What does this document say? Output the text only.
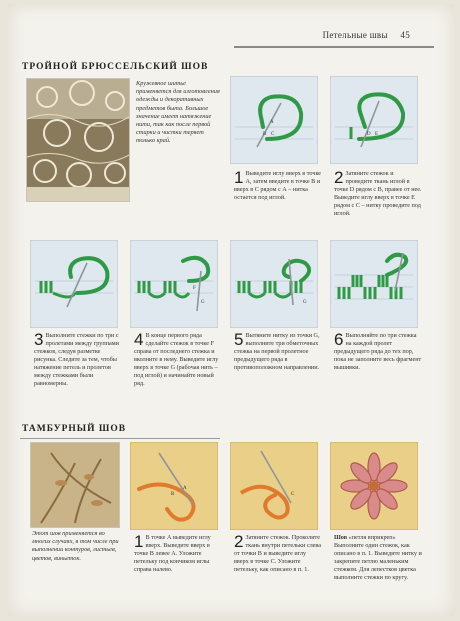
Петельные швы 45
ТРОЙНОЙ БРЮССЕЛЬСКИЙ ШОВ

Кружевное шитье применяется для изготовления одежды и декоративных предметов быта. Большое значение имеет натяжение нити, так как после первой стирки и чистки теряет только край.

B
A
C	D E
1 Выведите иглу вверх в точке А, затем введите в точке В и вверх в С рядом с А – нитка остается под иглой.
2 Затяните стежок и проведите ткань иглой в точке D рядом с В, правее от нее. Выведите иглу вверх в точке Е рядом с С – нитку проведите под иглой.
F
G	G
3 Выполните стежки по три с пролетами между группами стежков, следуя разметке рисунка. Следите за тем, чтобы натяжение петель и пролетов между стежками были равномерны.
4 В конце первого ряда сделайте стежок в точке F справа от последнего стежка и вколните в нему. Выведите иглу вверх в точке G (рабочая нить – под иглой) и начинайте новый ряд.
5 Вытяните нитку из точки G, выполните три обметочных стежка на первой пролетное предыдущего ряда в противоположном направлении.
6 Выполняйте по три стежка на каждой пролет предыдущего ряда до тех пор, пока не заполните весь фрагмент вышивки.
ТАМБУРНЫЙ ШОВ

Этот шов применяется во многих случаях, в том числе при выполнении контуров, листьев, цветов, виньеток.

A
B	C
1 В точке А выведите иглу вверх. Выведите вверх в точке В левее А. Уложите петельку под кончиком иглы справа налево.
2 Затяните стежок. Проколите ткань внутри петельки слева от точки В и выведите иглу вверх в точке С. Уложите петельку, как описано в п. 1.
Шов «петля вприкреп» Выполните один стежок, как описано в п. 1. Выведите нитку и закрепите петлю маленьким стежком. Для лепестков цветка выполните стежки по кругу.
